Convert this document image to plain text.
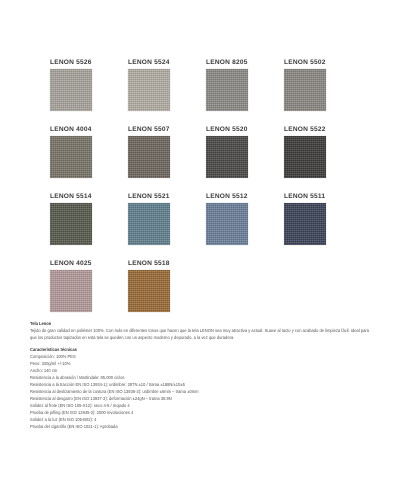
LENON 5526	LENON 5524	LENON 8205	LENON 5502
LENON 4004	LENON 5507	LENON 5520	LENON 5522
LENON 5514	LENON 5521	LENON 5512	LENON 5511
LENON 4025	LENON 5518
Tela Lenon
Tejido de gran calidad en poliéster 100%. Con más en diferentes tonos que hacen que la tela LENON sea muy atractiva y actual. Suave al tacto y con acabado de limpieza fácil. Ideal para que los productos tapizados en esta tela se queden con un aspecto moderno y depurado, a la vez que duradera.
Características técnicas
Composición: 100% PES
Peso: 320g/ml +/-10%
Ancho: 140 cm
Resistencia a la abrasión / Martindale: 85.000 ciclos
Resistencia a la tracción EN ISO 13934-1): urdimbre: 287N ±10 / trama ±188N/±10±5
Resistencia al deslizamiento de la costura (EN ISO 13936-2): urdimbre ±6mm – trama ±0mm
Resistencia al desgarro (EN ISO 13937-3): deformación ±24gN – trama 38.9N
Solidez al frote (EN ISO 105-X12): seco 4-5 / mojado 4
Prueba de pilling (EN ISO 12945-2): 2000 revoluciones 4
Solidez a la luz (EN ISO 105-B02): 4
Prueba del cigarrillo (EN ISO 1021-1): Aprobada
